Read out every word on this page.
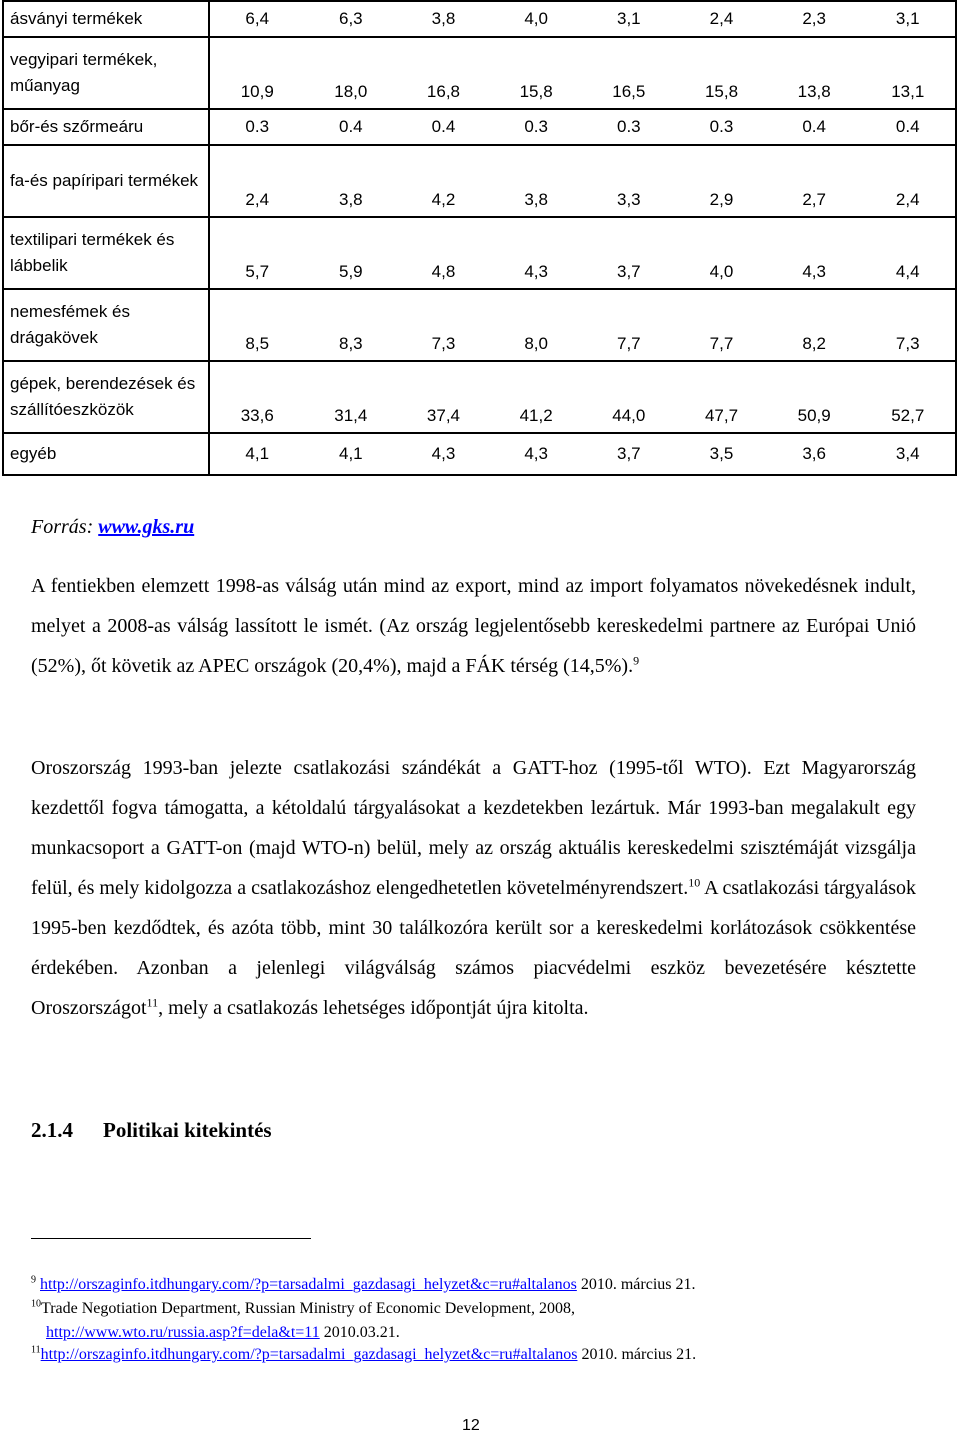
ásványi termékek	6,4	6,3	3,8	4,0	3,1	2,4	2,3	3,1
vegyipari termékek, műanyag	10,9	18,0	16,8	15,8	16,5	15,8	13,8	13,1
bőr-és szőrmeáru	0.3	0.4	0.4	0.3	0.3	0.3	0.4	0.4
fa-és papíripari termékek	2,4	3,8	4,2	3,8	3,3	2,9	2,7	2,4
textilipari termékek és lábbelik	5,7	5,9	4,8	4,3	3,7	4,0	4,3	4,4
nemesfémek és drágakövek	8,5	8,3	7,3	8,0	7,7	7,7	8,2	7,3
gépek, berendezések és szállítóeszközök	33,6	31,4	37,4	41,2	44,0	47,7	50,9	52,7
egyéb	4,1	4,1	4,3	4,3	3,7	3,5	3,6	3,4
Forrás: www.gks.ru
A fentiekben elemzett 1998-as válság után mind az export, mind az import folyamatos növekedésnek indult, melyet a 2008-as válság lassított le ismét. (Az ország legjelentősebb kereskedelmi partnere az Európai Unió (52%), őt követik az APEC országok (20,4%), majd a FÁK térség (14,5%).$^9$
Oroszország 1993-ban jelezte csatlakozási szándékát a GATT-hoz (1995-től WTO). Ezt Magyarország kezdettől fogva támogatta, a kétoldalú tárgyalásokat a kezdetekben lezártuk. Már 1993-ban megalakult egy munkacsoport a GATT-on (majd WTO-n) belül, mely az ország aktuális kereskedelmi szisztémáját vizsgálja felül, és mely kidolgozza a csatlakozáshoz elengedhetetlen követelményrendszert.$^{10}$ A csatlakozási tárgyalások 1995-ben kezdődtek, és azóta több, mint 30 találkozóra került sor a kereskedelmi korlátozások csökkentése érdekében. Azonban a jelenlegi világválság számos piacvédelmi eszköz bevezetésére késztette Oroszországot$^{11}$, mely a csatlakozás lehetséges időpontját újra kitolta.
2.1.4 Politikai kitekintés
$^9$ http://orszaginfo.itdhungary.com/?p=tarsadalmi_gazdasagi_helyzet&c=ru#altalanos 2010. március 21.
$^{10}$Trade Negotiation Department, Russian Ministry of Economic Development, 2008,
http://www.wto.ru/russia.asp?f=dela&t=11 2010.03.21.
$^{11}$http://orszaginfo.itdhungary.com/?p=tarsadalmi_gazdasagi_helyzet&c=ru#altalanos 2010. március 21.
12
